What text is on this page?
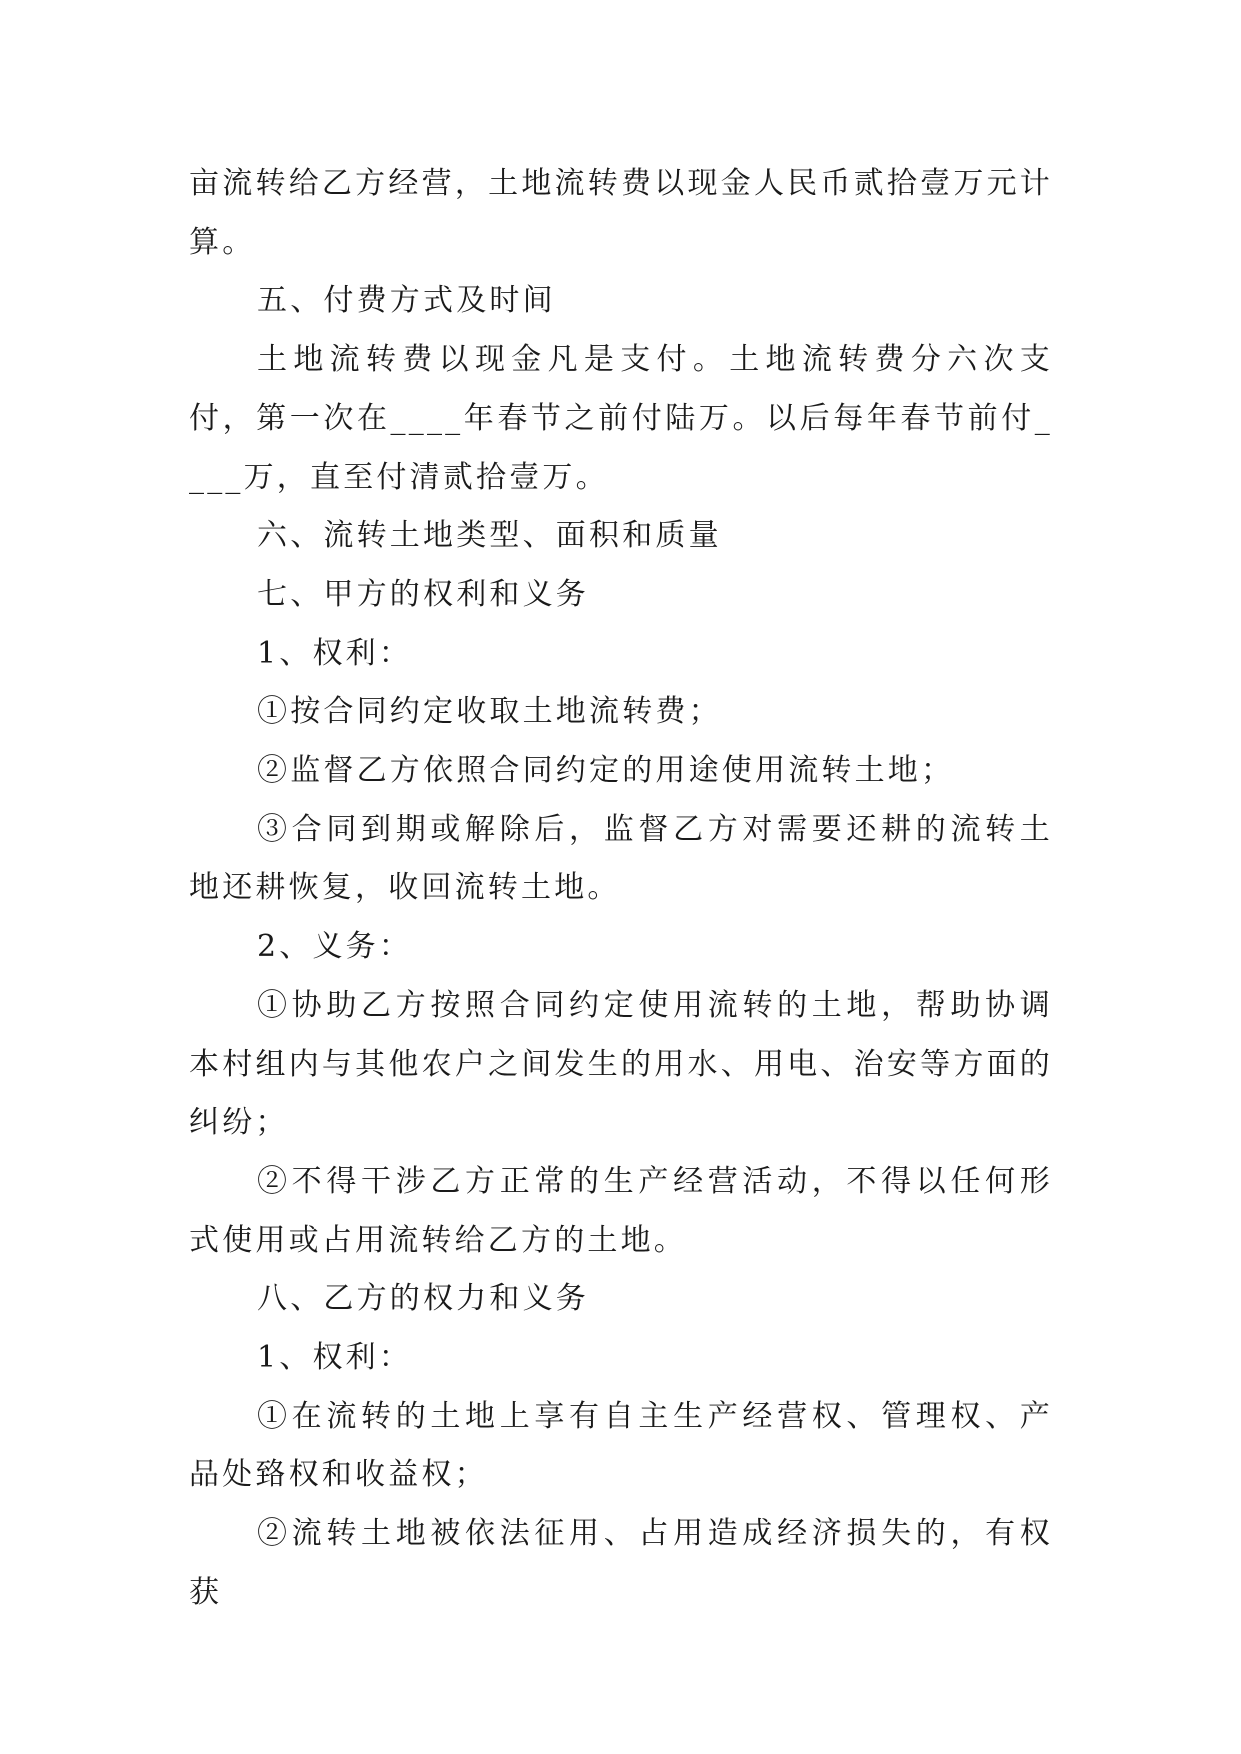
亩流转给乙方经营，土地流转费以现金人民币贰拾壹万元计算。

五、付费方式及时间

土地流转费以现金凡是支付。土地流转费分六次支付，第一次在____年春节之前付陆万。以后每年春节前付____万，直至付清贰拾壹万。

六、流转土地类型、面积和质量

七、甲方的权利和义务

1、权利：

①按合同约定收取土地流转费；

②监督乙方依照合同约定的用途使用流转土地；

③合同到期或解除后，监督乙方对需要还耕的流转土地还耕恢复，收回流转土地。

2、义务：

①协助乙方按照合同约定使用流转的土地，帮助协调本村组内与其他农户之间发生的用水、用电、治安等方面的纠纷；

②不得干涉乙方正常的生产经营活动，不得以任何形式使用或占用流转给乙方的土地。

八、乙方的权力和义务

1、权利：

①在流转的土地上享有自主生产经营权、管理权、产品处臵权和收益权；

②流转土地被依法征用、占用造成经济损失的，有权获
